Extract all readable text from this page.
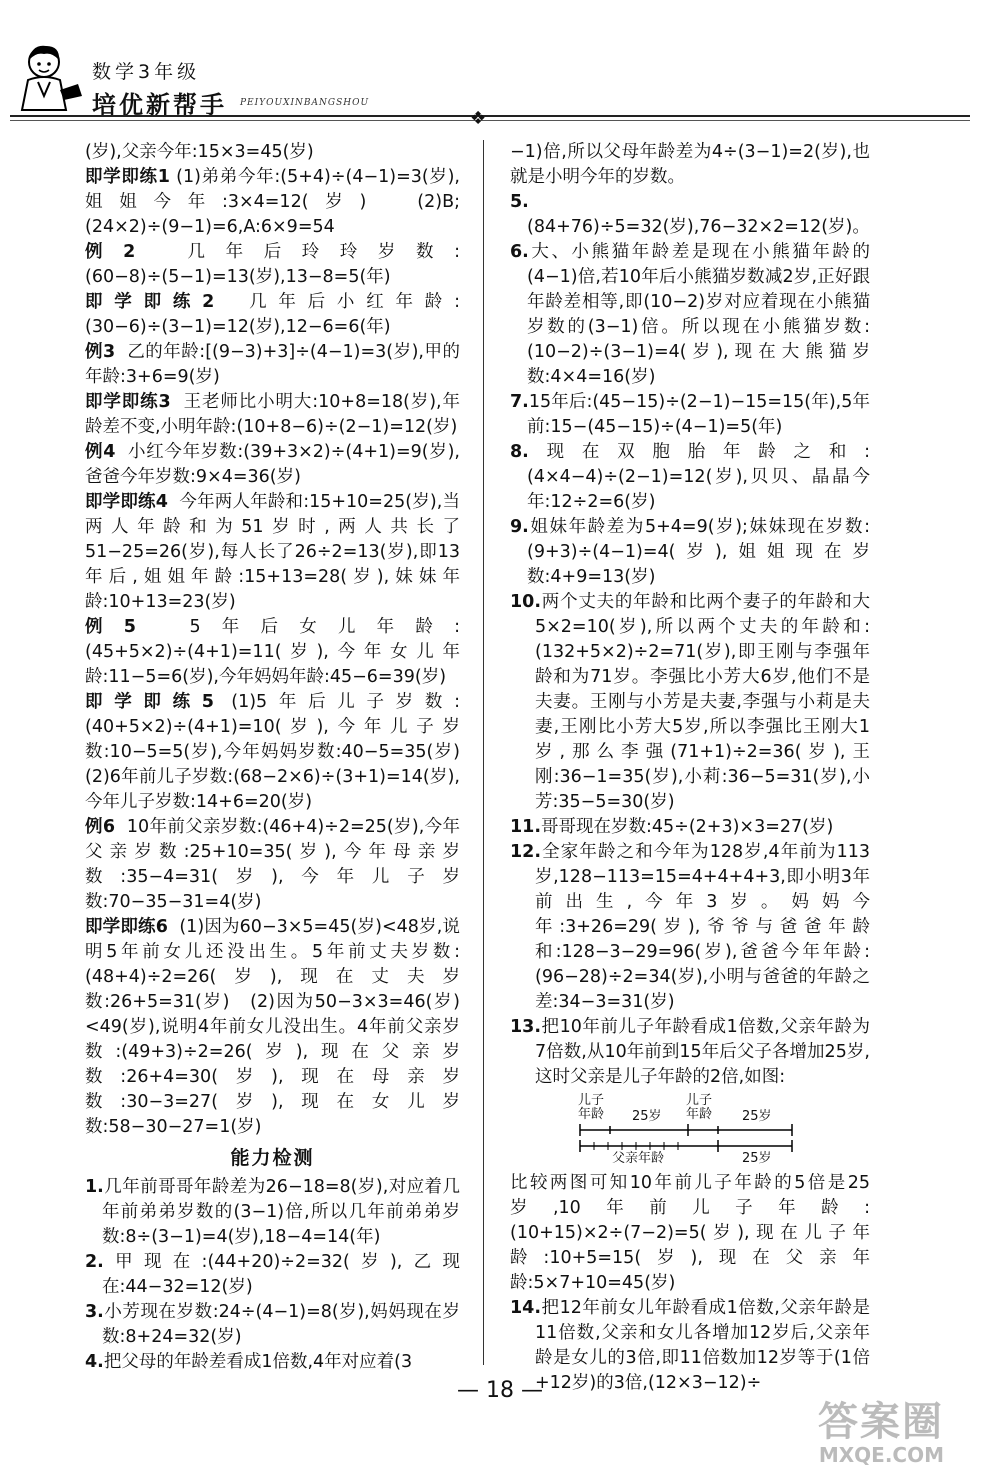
数学3年级
培优新帮手 PEIYOUXINBANGSHOU
❖

(岁),父亲今年:15×3=45(岁)

即学即练1 (1)弟弟今年:(5+4)÷(4−1)=3(岁),姐姐今年:3×4=12(岁)　(2)B;(24×2)÷(9−1)=6,A:6×9=54

例2	几年后玲玲岁数:(60−8)÷(5−1)=13(岁),13−8=5(年)

即学即练2 几年后小红年龄:(30−6)÷(3−1)=12(岁),12−6=6(年)

例3 乙的年龄:[(9−3)+3]÷(4−1)=3(岁),甲的年龄:3+6=9(岁)

即学即练3 王老师比小明大:10+8=18(岁),年龄差不变,小明年龄:(10+8−6)÷(2−1)=12(岁)

例4 小红今年岁数:(39+3×2)÷(4+1)=9(岁),爸爸今年岁数:9×4=36(岁)

即学即练4 今年两人年龄和:15+10=25(岁),当两人年龄和为51岁时,两人共长了51−25=26(岁),每人长了26÷2=13(岁),即13年后,姐姐年龄:15+13=28(岁),妹妹年龄:10+13=23(岁)

例5	5年后女儿年龄:(45+5×2)÷(4+1)=11(岁),今年女儿年龄:11−5=6(岁),今年妈妈年龄:45−6=39(岁)

即学即练5 (1)5年后儿子岁数:(40+5×2)÷(4+1)=10(岁),今年儿子岁数:10−5=5(岁),今年妈妈岁数:40−5=35(岁)　(2)6年前儿子岁数:(68−2×6)÷(3+1)=14(岁),今年儿子岁数:14+6=20(岁)

例6 10年前父亲岁数:(46+4)÷2=25(岁),今年父亲岁数:25+10=35(岁),今年母亲岁数:35−4=31(岁),今年儿子岁数:70−35−31=4(岁)

即学即练6 (1)因为60−3×5=45(岁)<48岁,说明5年前女儿还没出生。5年前丈夫岁数:(48+4)÷2=26(岁),现在丈夫岁数:26+5=31(岁)　(2)因为50−3×3=46(岁)<49(岁),说明4年前女儿没出生。4年前父亲岁数:(49+3)÷2=26(岁),现在父亲岁数:26+4=30(岁),现在母亲岁数:30−3=27(岁),现在女儿岁数:58−30−27=1(岁)

能力检测

1.几年前哥哥年龄差为26−18=8(岁),对应着几年前弟弟岁数的(3−1)倍,所以几年前弟弟岁数:8÷(3−1)=4(岁),18−4=14(年)

2.甲现在:(44+20)÷2=32(岁),乙现在:44−32=12(岁)

3.小芳现在岁数:24÷(4−1)=8(岁),妈妈现在岁数:8+24=32(岁)

4.把父母的年龄差看成1倍数,4年对应着(3

−1)倍,所以父母年龄差为4÷(3−1)=2(岁),也就是小明今年的岁数。

5.(84+76)÷5=32(岁),76−32×2=12(岁)。

6.大、小熊猫年龄差是现在小熊猫年龄的(4−1)倍,若10年后小熊猫岁数减2岁,正好跟年龄差相等,即(10−2)岁对应着现在小熊猫岁数的(3−1)倍。所以现在小熊猫岁数:(10−2)÷(3−1)=4(岁),现在大熊猫岁数:4×4=16(岁)

7.15年后:(45−15)÷(2−1)−15=15(年),5年前:15−(45−15)÷(4−1)=5(年)

8.现在双胞胎年龄之和:(4×4−4)÷(2−1)=12(岁),贝贝、晶晶今年:12÷2=6(岁)

9.姐妹年龄差为5+4=9(岁);妹妹现在岁数:(9+3)÷(4−1)=4(岁),姐姐现在岁数:4+9=13(岁)

10.两个丈夫的年龄和比两个妻子的年龄和大5×2=10(岁),所以两个丈夫的年龄和:(132+5×2)÷2=71(岁),即王刚与李强年龄和为71岁。李强比小芳大6岁,他们不是夫妻。王刚与小芳是夫妻,李强与小莉是夫妻,王刚比小芳大5岁,所以李强比王刚大1岁,那么李强(71+1)÷2=36(岁),王刚:36−1=35(岁),小莉:36−5=31(岁),小芳:35−5=30(岁)

11.哥哥现在岁数:45÷(2+3)×3=27(岁)

12.全家年龄之和今年为128岁,4年前为113岁,128−113=15=4+4+4+3,即小明3年前出生,今年3岁。妈妈今年:3+26=29(岁),爷爷与爸爸年龄和:128−3−29=96(岁),爸爸今年年龄:(96−28)÷2=34(岁),小明与爸爸的年龄之差:34−3=31(岁)

13.把10年前儿子年龄看成1倍数,父亲年龄为7倍数,从10年前到15年后父子各增加25岁,这时父亲是儿子年龄的2倍,如图:

儿子年龄	25岁
儿子年龄	25岁
父亲年龄	25岁

比较两图可知10年前儿子年龄的5倍是25岁,10年前儿子年龄:(10+15)×2÷(7−2)=5(岁),现在儿子年龄:10+5=15(岁),现在父亲年龄:5×7+10=45(岁)

14.把12年前女儿年龄看成1倍数,父亲年龄是11倍数,父亲和女儿各增加12岁后,父亲年龄是女儿的3倍,即11倍数加12岁等于(1倍+12岁)的3倍,(12×3−12)÷

— 18 —
答案圈
MXQE.COM
